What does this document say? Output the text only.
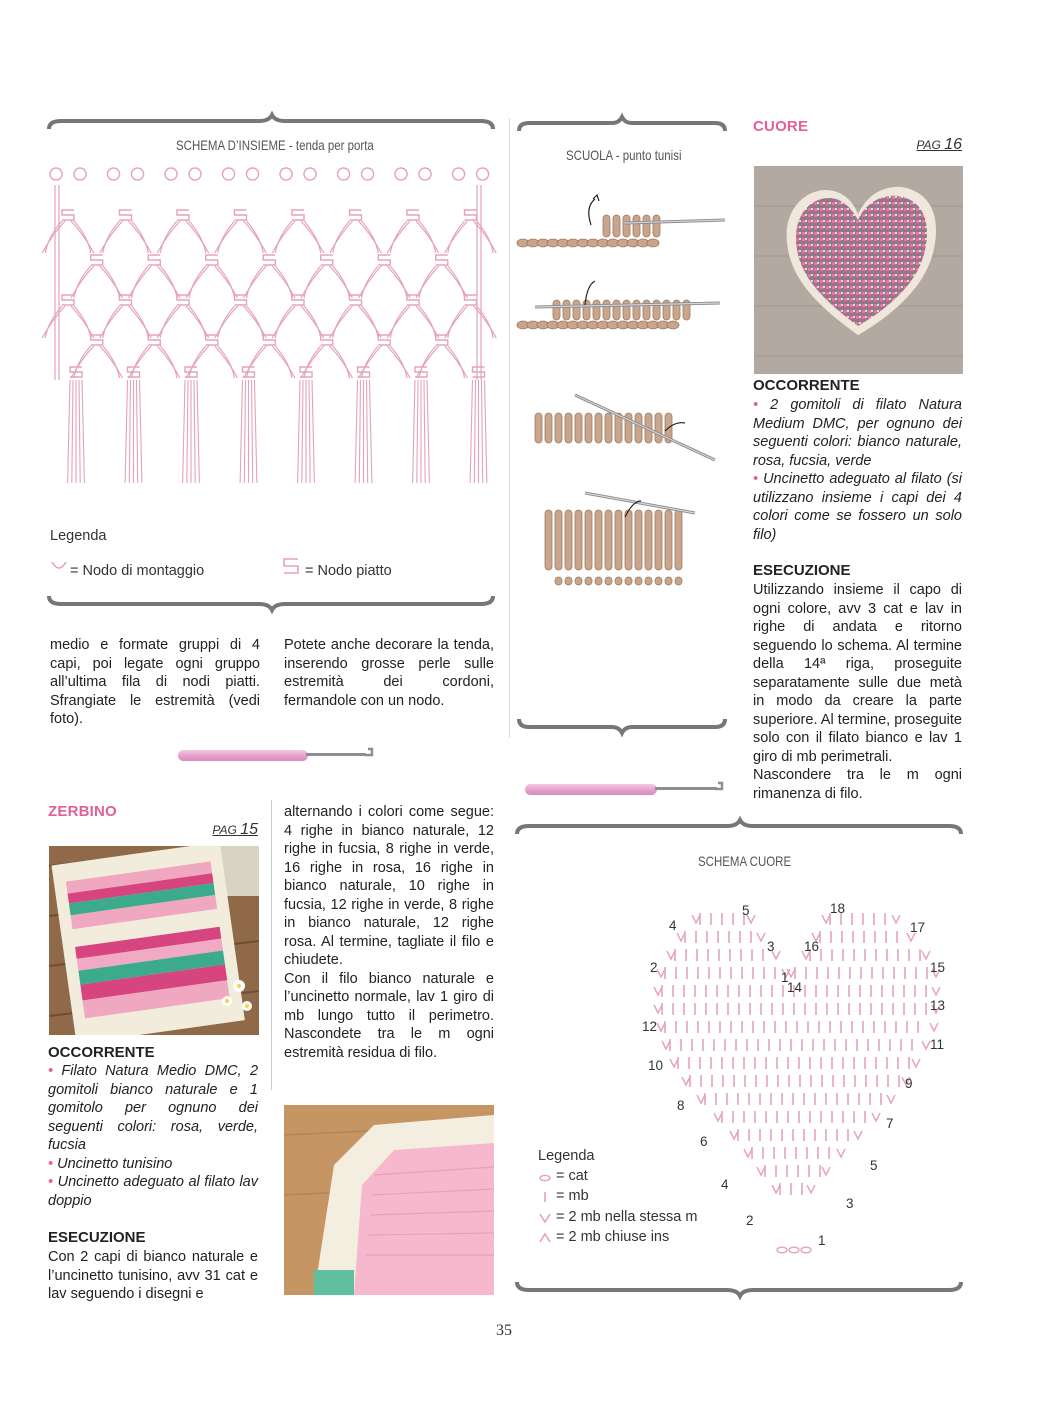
SCHEMA D’INSIEME - tenda per porta
Legenda
= Nodo di montaggio	= Nodo piatto
medio e formate gruppi di 4 capi, poi legate ogni gruppo all’ultima fila di nodi piatti. Sfrangiate le estremità (vedi foto).
Potete anche decorare la tenda, inserendo grosse perle sulle estremità dei cordoni, fermandole con un nodo.
ZERBINO
PAG 15
OCCORRENTE

• Filato Natura Medio DMC, 2 gomitoli bianco naturale e 1 gomitolo per ognuno dei seguenti colori: rosa, verde, fucsia

• Uncinetto tunisino

• Uncinetto adeguato al filato lav doppio

ESECUZIONE
Con 2 capi di bianco naturale e l’uncinetto tunisino, avv 31 cat e lav seguendo i disegni e

alternando i colori come segue: 4 righe in bianco naturale, 12 righe in fucsia, 8 righe in verde, 16 righe in rosa, 16 righe in bianco naturale, 10 righe in fucsia, 12 righe in verde, 8 righe in bianco naturale, 12 righe rosa. Al termine, tagliate il filo e chiudete.

Con il filo bianco naturale e l’uncinetto normale, lav 1 giro di mb lungo tutto il perimetro. Nascondete tra le m ogni estremità residua di filo.

SCUOLA - punto tunisi
CUORE
PAG 16
OCCORRENTE

• 2 gomitoli di filato Natura Medium DMC, per ognuno dei seguenti colori: bianco naturale, rosa, fucsia, verde

• Uncinetto adeguato al filato (si utilizzano insieme i capi dei 4 colori come se fossero un solo filo)

ESECUZIONE

Utilizzando insieme il capo di ogni colore, avv 3 cat e lav in righe di andata e ritorno seguendo lo schema. Al termine della 14ª riga, proseguite separatamente sulle due metà in modo da creare la parte superiore. Al termine, proseguite solo con il filato bianco e lav 1 giro di mb perimetrali.

Nascondere tra le m ogni rimanenza di filo.

SCHEMA CUORE
4
2
12
10
8
6
4
2
5
3
1
14
16
18
17
15
13
11
9
7
5
3
1
Legenda
= cat
= mb
= 2 mb nella stessa m
= 2 mb chiuse ins
35
